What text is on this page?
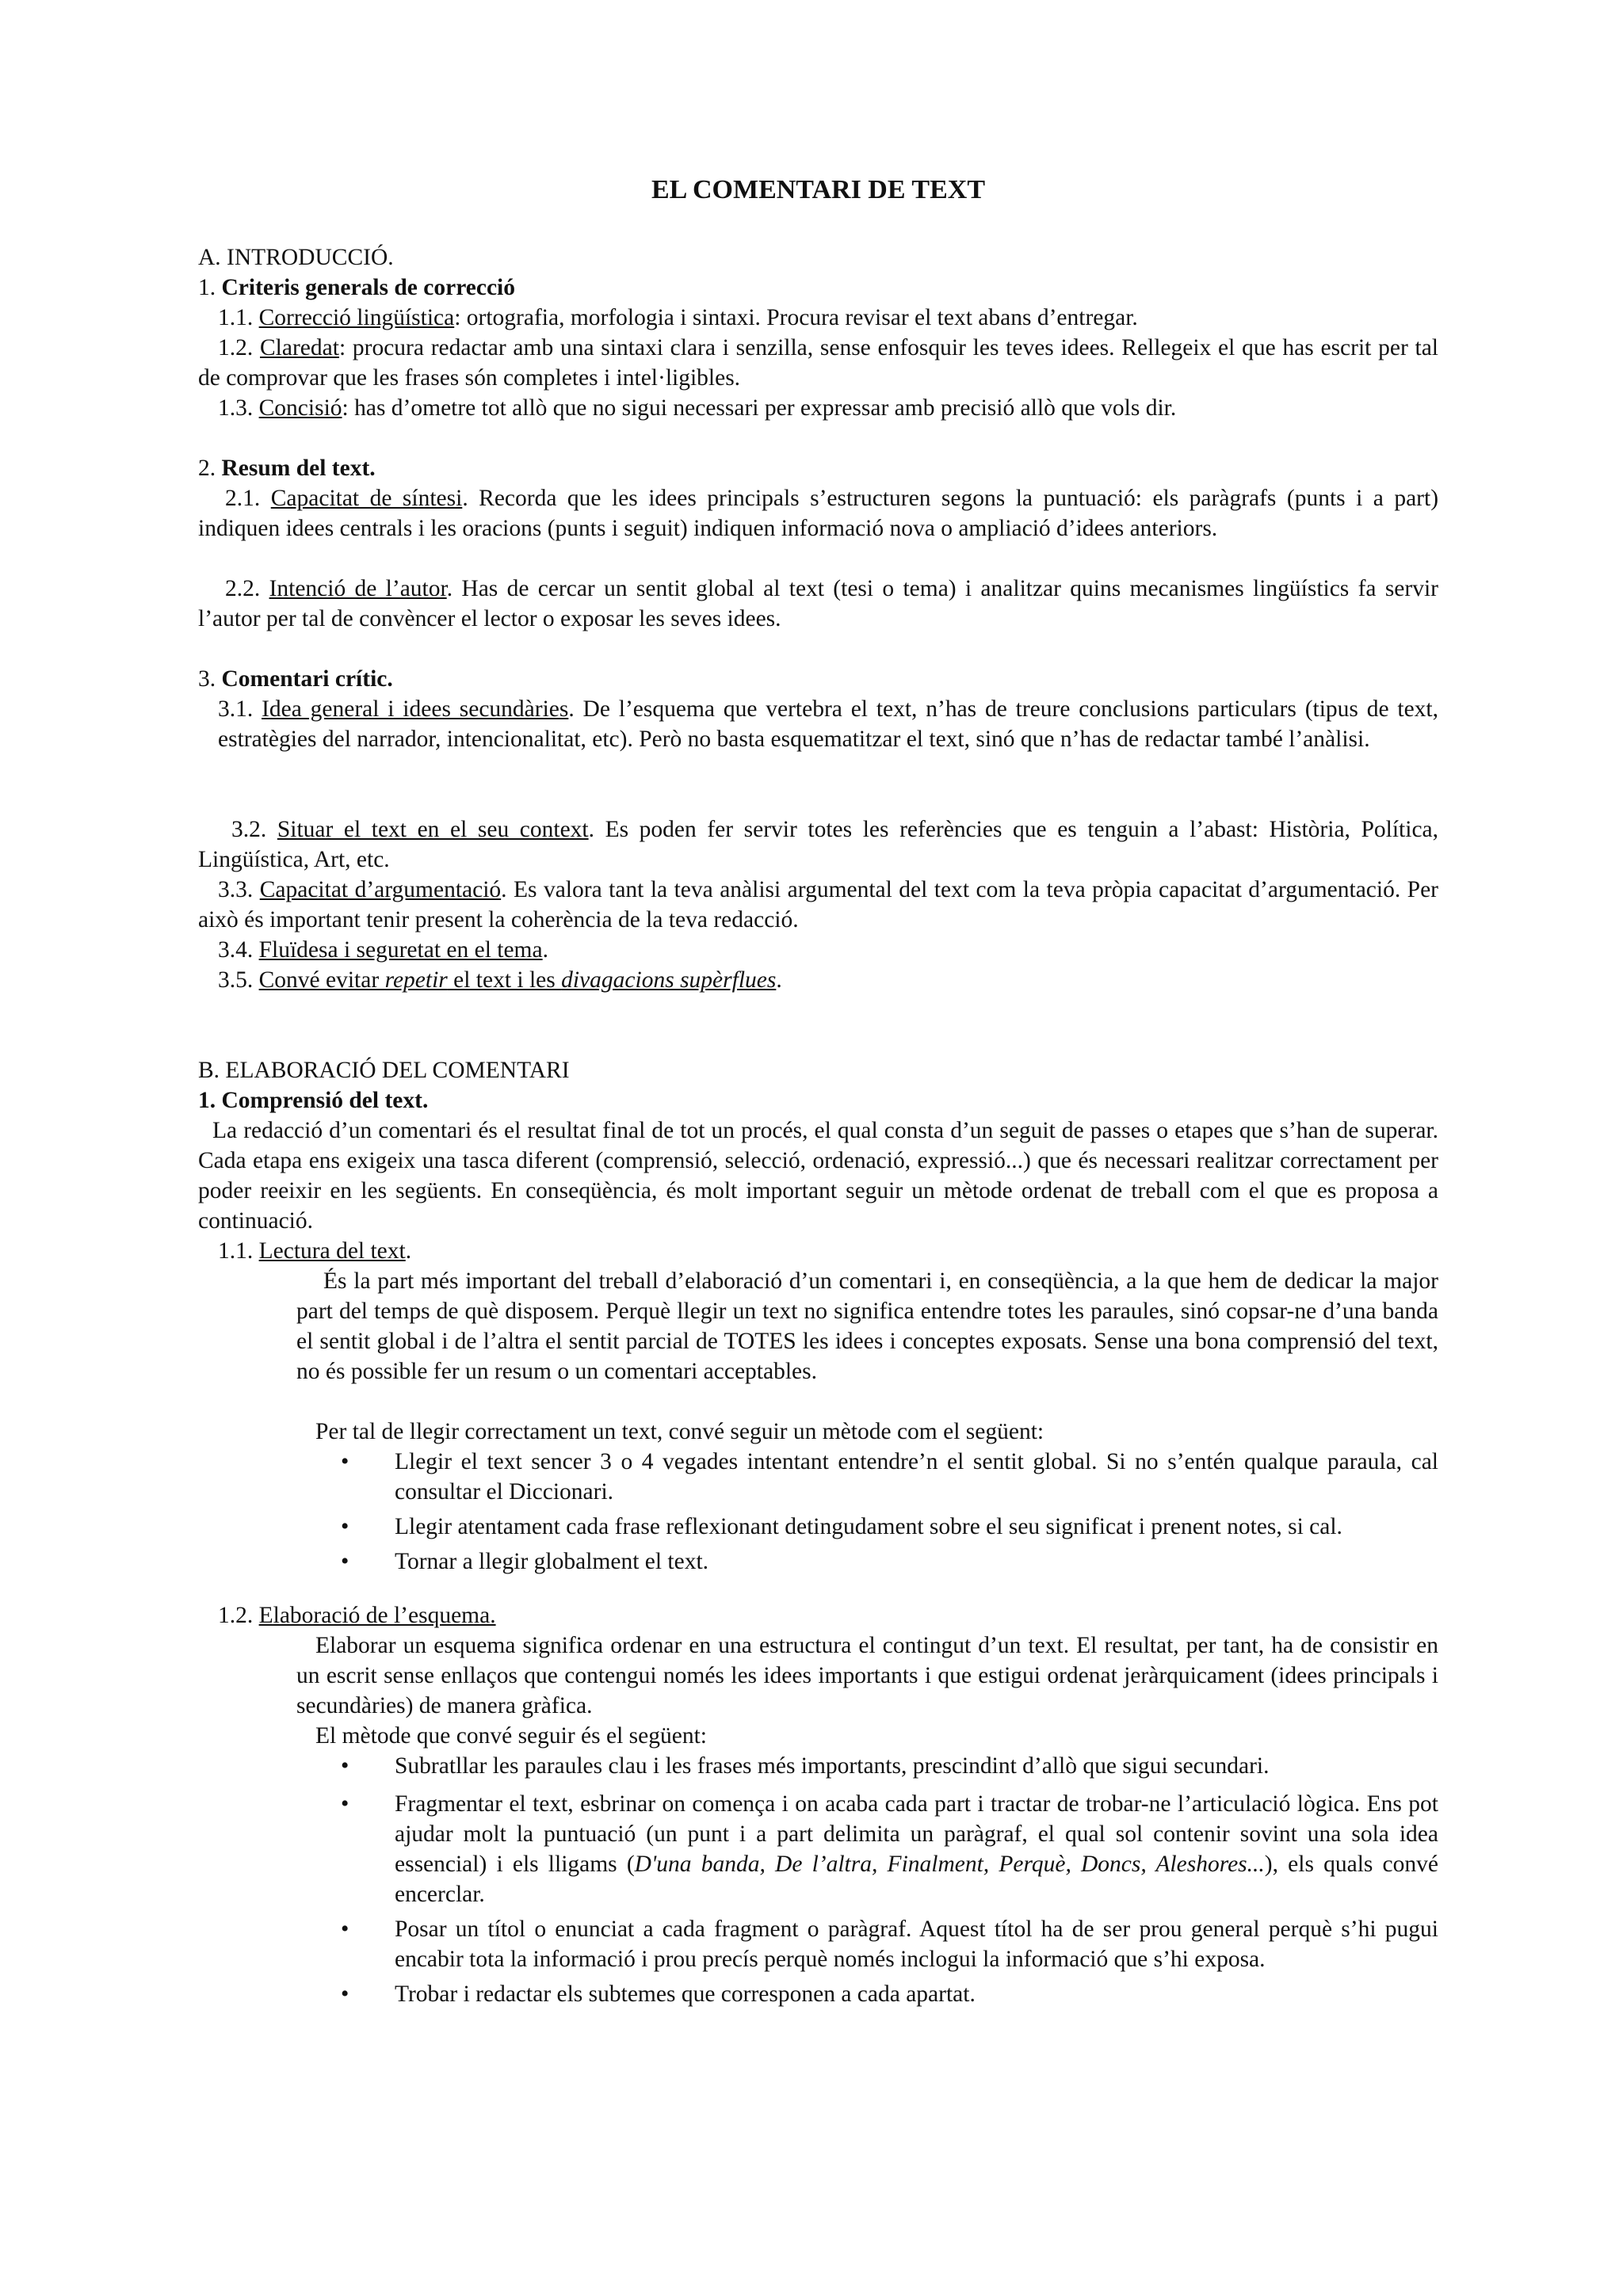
EL COMENTARI DE TEXT
A. INTRODUCCIÓ.
1. Criteris generals de correcció

1.1. Correcció lingüística: ortografia, morfologia i sintaxi. Procura revisar el text abans d’entregar.

1.2. Claredat: procura redactar amb una sintaxi clara i senzilla, sense enfosquir les teves idees. Rellegeix el que has escrit per tal de comprovar que les frases són completes i intel·ligibles.

1.3. Concisió: has d’ometre tot allò que no sigui necessari per expressar amb precisió allò que vols dir.

2. Resum del text.

2.1. Capacitat de síntesi. Recorda que les idees principals s’estructuren segons la puntuació: els paràgrafs (punts i a part) indiquen idees centrals i les oracions (punts i seguit) indiquen informació nova o ampliació d’idees anteriors.

2.2. Intenció de l’autor. Has de cercar un sentit global al text (tesi o tema) i analitzar quins mecanismes lingüístics fa servir l’autor per tal de convèncer el lector o exposar les seves idees.

3. Comentari crític.

3.1. Idea general i idees secundàries. De l’esquema que vertebra el text, n’has de treure conclusions particulars (tipus de text, estratègies del narrador, intencionalitat, etc). Però no basta esquematitzar el text, sinó que n’has de redactar també l’anàlisi.

3.2. Situar el text en el seu context. Es poden fer servir totes les referències que es tenguin a l’abast: Història, Política, Lingüística, Art, etc.

3.3. Capacitat d’argumentació. Es valora tant la teva anàlisi argumental del text com la teva pròpia capacitat d’argumentació. Per això és important tenir present la coherència de la teva redacció.

3.4. Fluïdesa i seguretat en el tema.

3.5. Convé evitar repetir el text i les divagacions supèrflues.

B. ELABORACIÓ DEL COMENTARI
1. Comprensió del text.

La redacció d’un comentari és el resultat final de tot un procés, el qual consta d’un seguit de passes o etapes que s’han de superar. Cada etapa ens exigeix una tasca diferent (comprensió, selecció, ordenació, expressió...) que és necessari realitzar correctament per poder reeixir en les següents. En conseqüència, és molt important seguir un mètode ordenat de treball com el que es proposa a continuació.

1.1. Lectura del text.

És la part més important del treball d’elaboració d’un comentari i, en conseqüència, a la que hem de dedicar la major part del temps de què disposem. Perquè llegir un text no significa entendre totes les paraules, sinó copsar-ne d’una banda el sentit global i de l’altra el sentit parcial de TOTES les idees i conceptes exposats. Sense una bona comprensió del text, no és possible fer un resum o un comentari acceptables.

Per tal de llegir correctament un text, convé seguir un mètode com el següent:

• Llegir el text sencer 3 o 4 vegades intentant entendre’n el sentit global. Si no s’entén qualque paraula, cal consultar el Diccionari.
• Llegir atentament cada frase reflexionant detingudament sobre el seu significat i prenent notes, si cal.
• Tornar a llegir globalment el text.
1.2. Elaboració de l’esquema.

Elaborar un esquema significa ordenar en una estructura el contingut d’un text. El resultat, per tant, ha de consistir en un escrit sense enllaços que contengui només les idees importants i que estigui ordenat jeràrquicament (idees principals i secundàries) de manera gràfica.

El mètode que convé seguir és el següent:

• Subratllar les paraules clau i les frases més importants, prescindint d’allò que sigui secundari.
• Fragmentar el text, esbrinar on comença i on acaba cada part i tractar de trobar-ne l’articulació lògica. Ens pot ajudar molt la puntuació (un punt i a part delimita un paràgraf, el qual sol contenir sovint una sola idea essencial) i els lligams (D'una banda, De l’altra, Finalment, Perquè, Doncs, Aleshores...), els quals convé encerclar.
• Posar un títol o enunciat a cada fragment o paràgraf. Aquest títol ha de ser prou general perquè s’hi pugui encabir tota la informació i prou precís perquè només inclogui la informació que s’hi exposa.
• Trobar i redactar els subtemes que corresponen a cada apartat.
